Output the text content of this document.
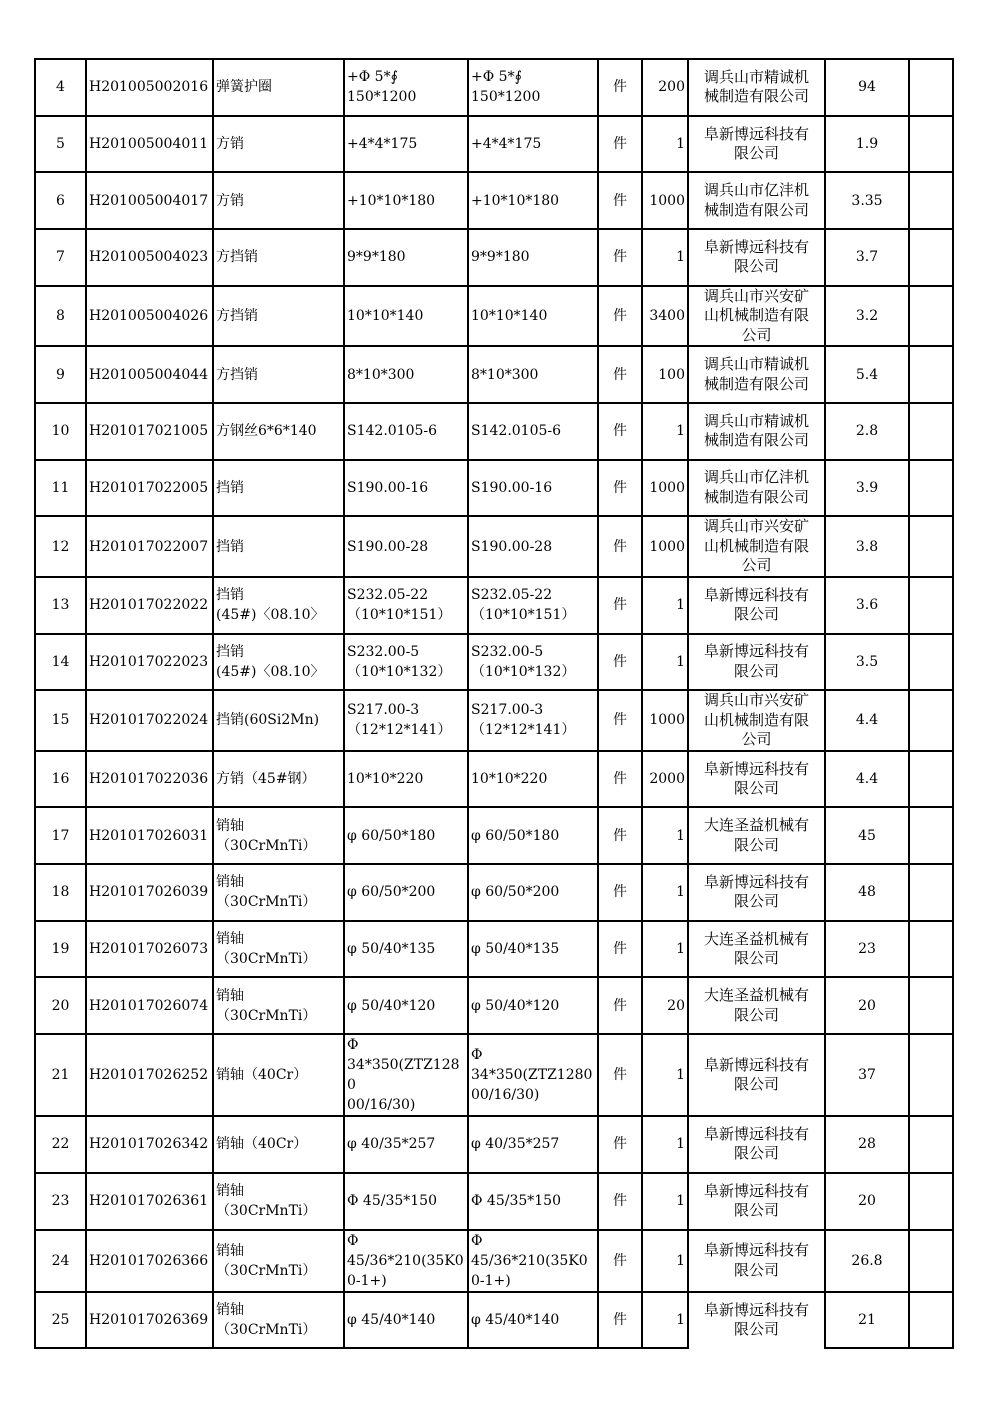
4	H201005002016	弹簧护圈	+Φ 5*∮
150*1200	+Φ 5*∮
150*1200	件	200	调兵山市精诚机
械制造有限公司	94	
5	H201005004011	方销	+4*4*175	+4*4*175	件	1	阜新博远科技有
限公司	1.9	
6	H201005004017	方销	+10*10*180	+10*10*180	件	1000	调兵山市亿沣机
械制造有限公司	3.35	
7	H201005004023	方挡销	9*9*180	9*9*180	件	1	阜新博远科技有
限公司	3.7	
8	H201005004026	方挡销	10*10*140	10*10*140	件	3400	调兵山市兴安矿
山机械制造有限
公司	3.2	
9	H201005004044	方挡销	8*10*300	8*10*300	件	100	调兵山市精诚机
械制造有限公司	5.4	
10	H201017021005	方钢丝6*6*140	S142.0105-6	S142.0105-6	件	1	调兵山市精诚机
械制造有限公司	2.8	
11	H201017022005	挡销	S190.00-16	S190.00-16	件	1000	调兵山市亿沣机
械制造有限公司	3.9	
12	H201017022007	挡销	S190.00-28	S190.00-28	件	1000	调兵山市兴安矿
山机械制造有限
公司	3.8	
13	H201017022022	挡销
(45#)〈08.10〉	S232.05-22
（10*10*151）	S232.05-22
（10*10*151）	件	1	阜新博远科技有
限公司	3.6	
14	H201017022023	挡销
(45#)〈08.10〉	S232.00-5
（10*10*132）	S232.00-5
（10*10*132）	件	1	阜新博远科技有
限公司	3.5	
15	H201017022024	挡销(60Si2Mn)	S217.00-3
（12*12*141）	S217.00-3
（12*12*141）	件	1000	调兵山市兴安矿
山机械制造有限
公司	4.4	
16	H201017022036	方销（45#钢）	10*10*220	10*10*220	件	2000	阜新博远科技有
限公司	4.4	
17	H201017026031	销轴
（30CrMnTi）	φ 60/50*180	φ 60/50*180	件	1	大连圣益机械有
限公司	45	
18	H201017026039	销轴
（30CrMnTi）	φ 60/50*200	φ 60/50*200	件	1	阜新博远科技有
限公司	48	
19	H201017026073	销轴
（30CrMnTi）	φ 50/40*135	φ 50/40*135	件	1	大连圣益机械有
限公司	23	
20	H201017026074	销轴
（30CrMnTi）	φ 50/40*120	φ 50/40*120	件	20	大连圣益机械有
限公司	20	
21	H201017026252	销轴（40Cr）	Φ
34*350(ZTZ1280
00/16/30)	Φ
34*350(ZTZ1280
00/16/30)	件	1	阜新博远科技有
限公司	37	
22	H201017026342	销轴（40Cr）	φ 40/35*257	φ 40/35*257	件	1	阜新博远科技有
限公司	28	
23	H201017026361	销轴
（30CrMnTi）	Φ 45/35*150	Φ 45/35*150	件	1	阜新博远科技有
限公司	20	
24	H201017026366	销轴
（30CrMnTi）	Φ
45/36*210(35K0
0-1+)	Φ
45/36*210(35K0
0-1+)	件	1	阜新博远科技有
限公司	26.8	
25	H201017026369	销轴
（30CrMnTi）	φ 45/40*140	φ 45/40*140	件	1	阜新博远科技有
限公司	21	
